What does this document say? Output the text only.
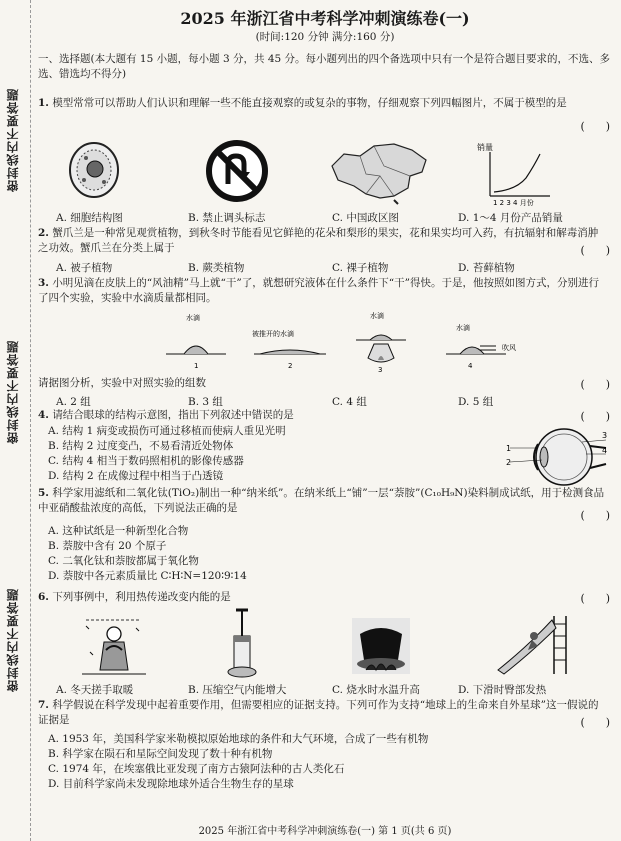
密封线内不要答题
密封线内不要答题
密封线内不要答题
2025 年浙江省中考科学冲刺演练卷(一)
(时间:120 分钟 满分:160 分)
一、选择题(本大题有 15 小题，每小题 3 分，共 45 分。每小题列出的四个备选项中只有一个是符合题目要求的，不选、多选、错选均不得分)
1. 模型常常可以帮助人们认识和理解一些不能直接观察的或复杂的事物，仔细观察下列四幅图片，不属于模型的是
(      )
销量
1 2 3 4 月份
A. 细胞结构图	B. 禁止调头标志	C. 中国政区图	D. 1～4 月份产品销量
2. 蟹爪兰是一种常见观赏植物，到秋冬时节能看见它鲜艳的花朵和梨形的果实，花和果实均可入药，有抗辐射和解毒消肿之功效。蟹爪兰在分类上属于	(      )
A. 被子植物	B. 蕨类植物	C. 裸子植物	D. 苔藓植物
3. 小明见滴在皮肤上的“风油精”马上就“干”了，就想研究液体在什么条件下“干”得快。于是，他按照如图方式，分别进行了四个实验，实验中水滴质量都相同。
水滴
1
被推开的水滴
2
水滴
3
水滴
吹风
4
请据图分析，实验中对照实验的组数	(      )
A. 2 组	B. 3 组	C. 4 组	D. 5 组
4. 请结合眼球的结构示意图，指出下列叙述中错误的是	(      )
A. 结构 1 病变或损伤可通过移植而使病人重见光明
B. 结构 2 过度变凸，不易看清近处物体
C. 结构 4 相当于数码照相机的影像传感器
D. 结构 2 在成像过程中相当于凸透镜
1
2
3
4
5. 科学家用滤纸和二氧化钛(TiO₂)制出一种“纳米纸”。在纳米纸上“铺”一层“萘胺”(C₁₀H₉N)染料制成试纸，用于检测食品中亚硝酸盐浓度的高低，下列说法正确的是
(      )
A. 这种试纸是一种新型化合物
B. 萘胺中含有 20 个原子
C. 二氧化钛和萘胺都属于氧化物
D. 萘胺中各元素质量比 C∶H∶N=120∶9∶14
6. 下列事例中，利用热传递改变内能的是	(      )
A. 冬天搓手取暖	B. 压缩空气内能增大	C. 烧水时水温升高	D. 下滑时臀部发热
7. 科学假说在科学发现中起着重要作用，但需要相应的证据支持。下列可作为支持“地球上的生命来自外星球”这一假说的证据是	(      )
A. 1953 年，美国科学家米勒模拟原始地球的条件和大气环境，合成了一些有机物
B. 科学家在陨石和星际空间发现了数十种有机物
C. 1974 年，在埃塞俄比亚发现了南方古猿阿法种的古人类化石
D. 目前科学家尚未发现除地球外适合生物生存的星球
2025 年浙江省中考科学冲刺演练卷(一) 第 1 页(共 6 页)
